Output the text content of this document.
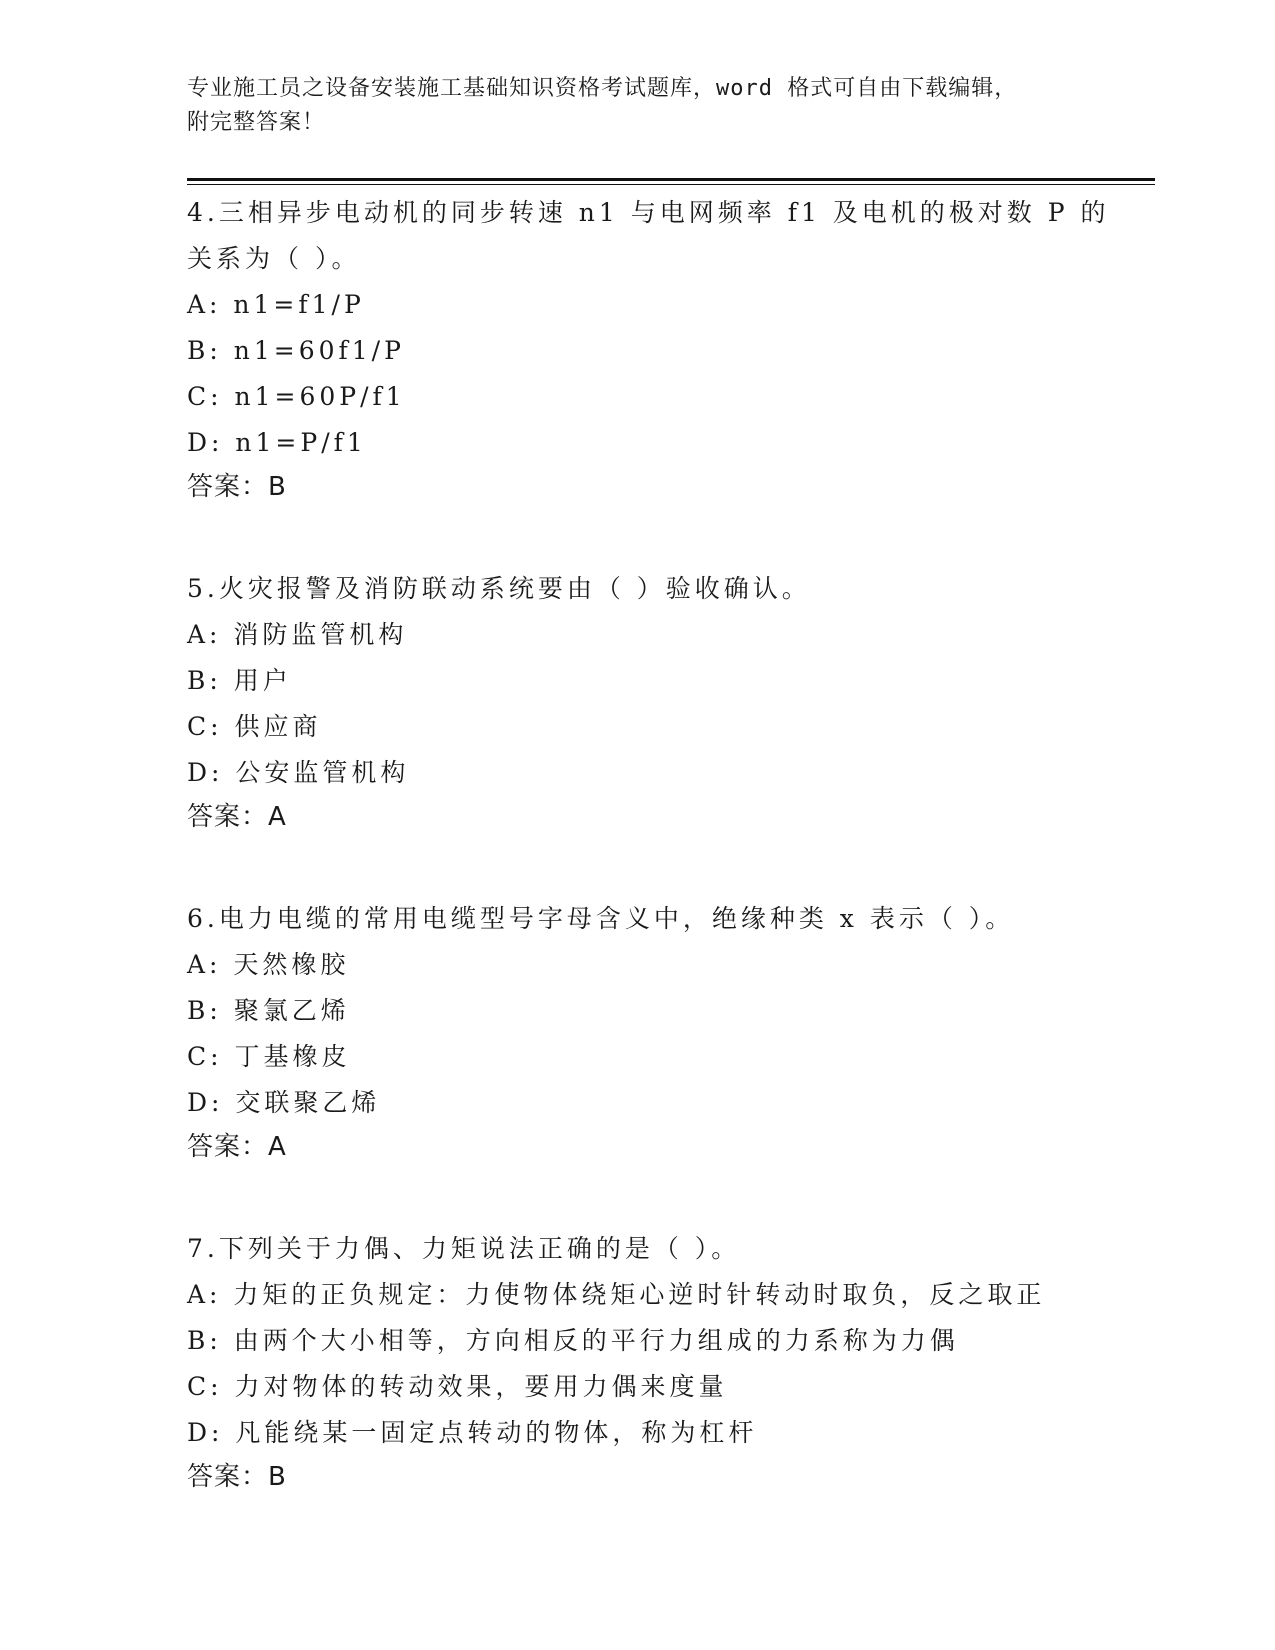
专业施工员之设备安装施工基础知识资格考试题库，word 格式可自由下载编辑，
附完整答案！
4.三相异步电动机的同步转速 n1 与电网频率 f1 及电机的极对数 P 的
关系为（ ）。
A: n1=f1/P
B: n1=60f1/P
C: n1=60P/f1
D: n1=P/f1
答案：B
5.火灾报警及消防联动系统要由（ ）验收确认。
A: 消防监管机构
B: 用户
C: 供应商
D: 公安监管机构
答案：A
6.电力电缆的常用电缆型号字母含义中，绝缘种类 x 表示（ ）。
A: 天然橡胶
B: 聚氯乙烯
C: 丁基橡皮
D: 交联聚乙烯
答案：A
7.下列关于力偶、力矩说法正确的是（ ）。
A: 力矩的正负规定：力使物体绕矩心逆时针转动时取负，反之取正
B: 由两个大小相等，方向相反的平行力组成的力系称为力偶
C: 力对物体的转动效果，要用力偶来度量
D: 凡能绕某一固定点转动的物体，称为杠杆
答案：B
